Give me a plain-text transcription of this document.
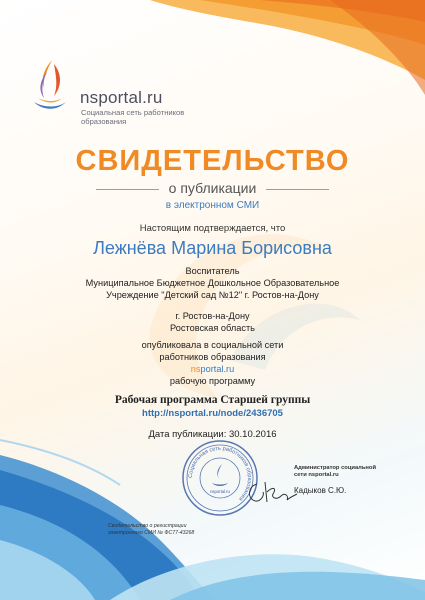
nsportal.ru
Социальная сеть работников
образования
СВИДЕТЕЛЬСТВО
о публикации
в электронном СМИ
Настоящим подтверждается, что
Лежнёва Марина Борисовна
Воспитатель
Муниципальное Бюджетное Дошкольное Образовательное
Учреждение "Детский сад №12" г. Ростов-на-Дону
г. Ростов-на-Дону
Ростовская область
опубликовала в социальной сети
работников образования
nsportal.ru
рабочую программу
Рабочая программа Старшей группы
http://nsportal.ru/node/2436705
Дата публикации: 30.10.2016
Социальная сеть работников образования
nsportal.ru
Администратор социальной
сети nsportal.ru
Кадыков С.Ю.
Свидетельство о регистрации
электронного СМИ № ФС77-43268
